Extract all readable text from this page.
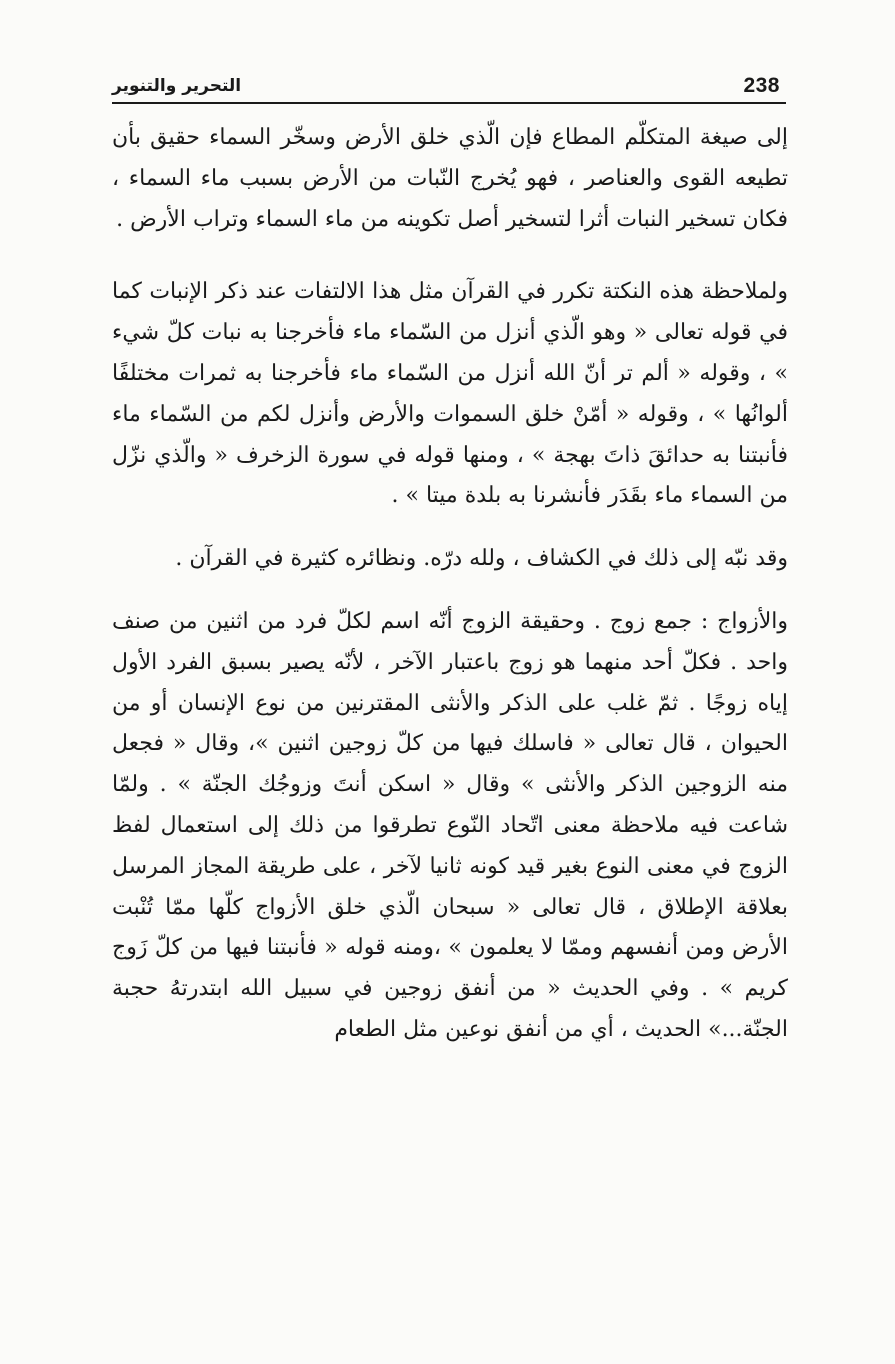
238
التحرير والتنوير

إلى صيغة المتكلّم المطاع فإن الّذي خلق الأرض وسخّر السماء حقيق بأن تطيعه القوى والعناصر ، فهو يُخرج النّبات من الأرض بسبب ماء السماء ، فكان تسخير النبات أثرا لتسخير أصل تكوينه من ماء السماء وتراب الأرض .

ولملاحظة هذه النكتة تكرر في القرآن مثل هذا الالتفات عند ذكر الإنبات كما في قوله تعالى « وهو الّذي أنزل من السّماء ماء فأخرجنا به نبات كلّ شيء » ، وقوله « ألم تر أنّ الله أنزل من السّماء ماء فأخرجنا به ثمرات مختلفًا ألوانُها » ، وقوله « أمّنْ خلق السموات والأرض وأنزل لكم من السّماء ماء فأنبتنا به حدائقَ ذاتَ بهجة » ، ومنها قوله في سورة الزخرف « والّذي نزّل من السماء ماء بقَدَر فأنشرنا به بلدة ميتا » .

وقد نبّه إلى ذلك في الكشاف ، ولله درّه. ونظائره كثيرة في القرآن .

والأزواج : جمع زوج . وحقيقة الزوج أنّه اسم لكلّ فرد من اثنين من صنف واحد . فكلّ أحد منهما هو زوج باعتبار الآخر ، لأنّه يصير بسبق الفرد الأول إياه زوجًا . ثمّ غلب على الذكر والأنثى المقترنين من نوع الإنسان أو من الحيوان ، قال تعالى « فاسلك فيها من كلّ زوجين اثنين »، وقال « فجعل منه الزوجين الذكر والأنثى » وقال « اسكن أنتَ وزوجُك الجنّة » . ولمّا شاعت فيه ملاحظة معنى اتّحاد النّوع تطرقوا من ذلك إلى استعمال لفظ الزوج في معنى النوع بغير قيد كونه ثانيا لآخر ، على طريقة المجاز المرسل بعلاقة الإطلاق ، قال تعالى « سبحان الّذي خلق الأزواج كلّها ممّا تُنْبت الأرض ومن أنفسهم وممّا لا يعلمون » ،ومنه قوله « فأنبتنا فيها من كلّ زَوج كريم » . وفي الحديث « من أنفق زوجين في سبيل الله ابتدرتهُ حجبة الجنّة...» الحديث ، أي من أنفق نوعين مثل الطعام
